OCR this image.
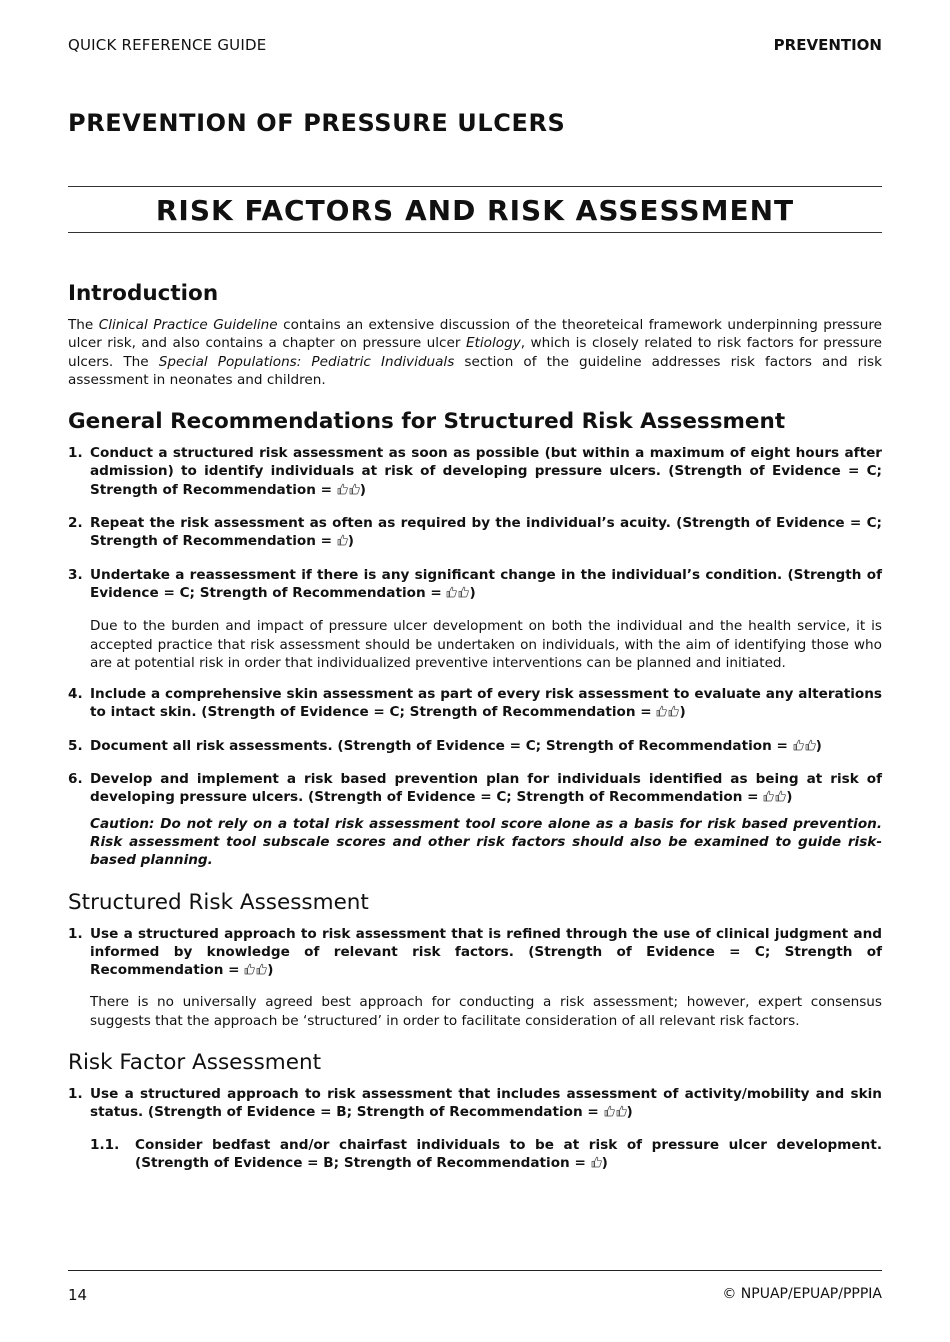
QUICK REFERENCE GUIDE	PREVENTION
PREVENTION OF PRESSURE ULCERS
RISK FACTORS AND RISK ASSESSMENT
Introduction

The Clinical Practice Guideline contains an extensive discussion of the theoreteical framework underpinning pressure ulcer risk, and also contains a chapter on pressure ulcer Etiology, which is closely related to risk factors for pressure ulcers. The Special Populations: Pediatric Individuals section of the guideline addresses risk factors and risk assessment in neonates and children.

General Recommendations for Structured Risk Assessment
1. Conduct a structured risk assessment as soon as possible (but within a maximum of eight hours after admission) to identify individuals at risk of developing pressure ulcers. (Strength of Evidence = C; Strength of Recommendation = )
2. Repeat the risk assessment as often as required by the individual’s acuity. (Strength of Evidence = C; Strength of Recommendation = )
3. Undertake a reassessment if there is any significant change in the individual’s condition. (Strength of Evidence = C; Strength of Recommendation = )

Due to the burden and impact of pressure ulcer development on both the individual and the health service, it is accepted practice that risk assessment should be undertaken on individuals, with the aim of identifying those who are at potential risk in order that individualized preventive interventions can be planned and initiated.

4. Include a comprehensive skin assessment as part of every risk assessment to evaluate any alterations to intact skin. (Strength of Evidence = C; Strength of Recommendation = )
5. Document all risk assessments. (Strength of Evidence = C; Strength of Recommendation = )
6. Develop and implement a risk based prevention plan for individuals identified as being at risk of developing pressure ulcers. (Strength of Evidence = C; Strength of Recommendation = )

Caution: Do not rely on a total risk assessment tool score alone as a basis for risk based prevention. Risk assessment tool subscale scores and other risk factors should also be examined to guide risk-based planning.

Structured Risk Assessment
1. Use a structured approach to risk assessment that is refined through the use of clinical judgment and informed by knowledge of relevant risk factors. (Strength of Evidence = C; Strength of Recommendation = )

There is no universally agreed best approach for conducting a risk assessment; however, expert consensus suggests that the approach be ‘structured’ in order to facilitate consideration of all relevant risk factors.

Risk Factor Assessment
1. Use a structured approach to risk assessment that includes assessment of activity/mobility and skin status. (Strength of Evidence = B; Strength of Recommendation = )
1.1. Consider bedfast and/or chairfast individuals to be at risk of pressure ulcer development. (Strength of Evidence = B; Strength of Recommendation = )
14	© NPUAP/EPUAP/PPPIA
